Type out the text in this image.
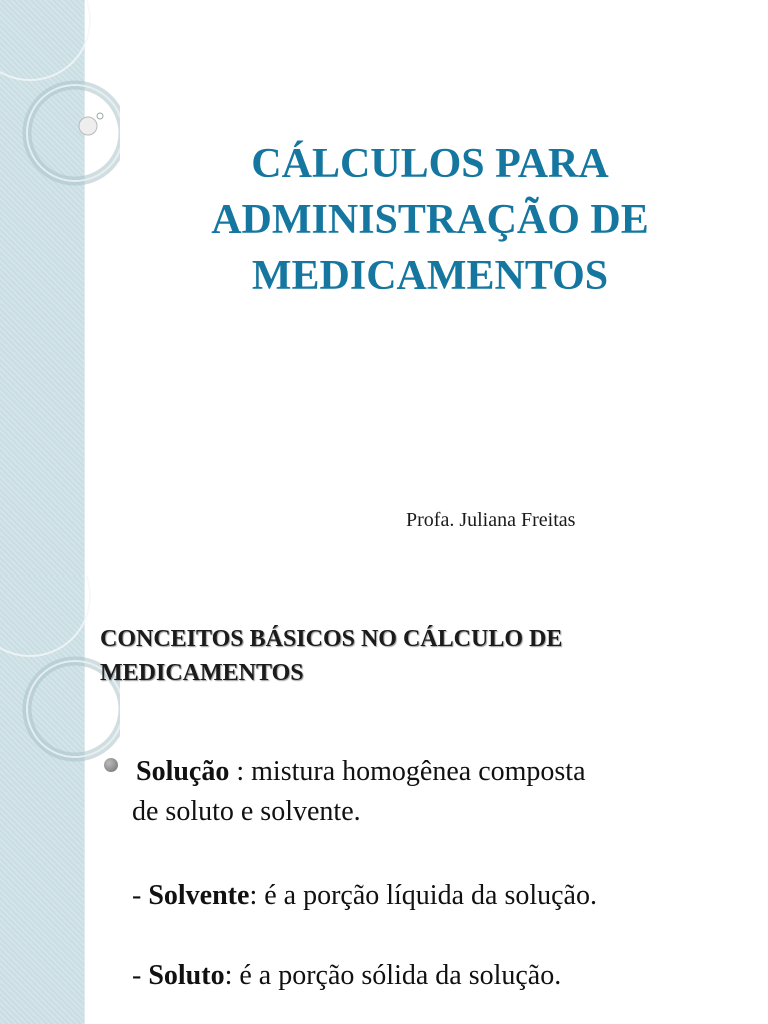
CÁLCULOS PARA
ADMINISTRAÇÃO DE
MEDICAMENTOS
Profa. Juliana Freitas
CONCEITOS BÁSICOS NO CÁLCULO DE
MEDICAMENTOS
Solução : mistura homogênea composta
de soluto e solvente.
- Solvente: é a porção líquida da solução.
- Soluto: é a porção sólida da solução.
